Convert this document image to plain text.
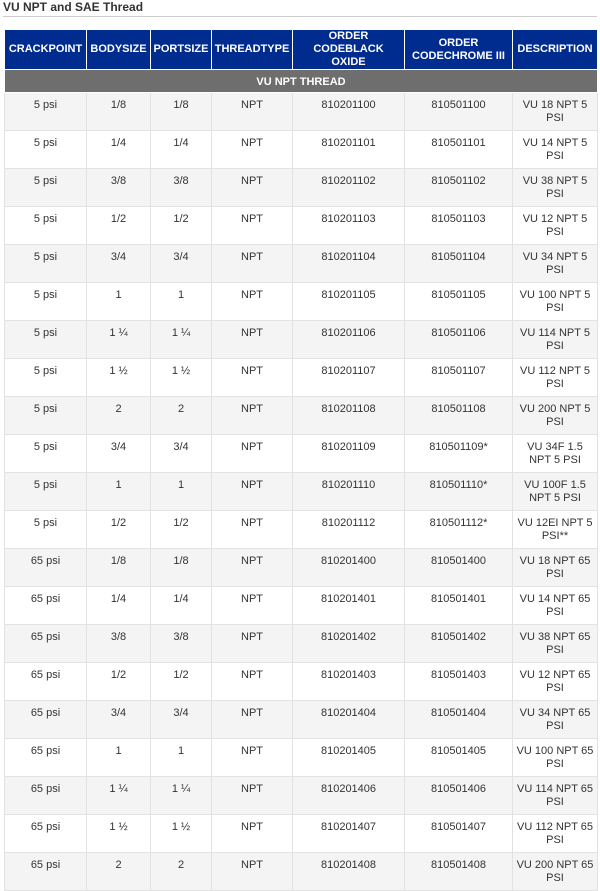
VU NPT and SAE Thread
CRACKPOINT	BODYSIZE	PORTSIZE	THREADTYPE	ORDER CODEBLACK OXIDE	ORDER CODECHROME III	DESCRIPTION
VU NPT THREAD						
5 psi	1/8	1/8	NPT	810201100	810501100	VU 18 NPT 5 PSI
5 psi	1/4	1/4	NPT	810201101	810501101	VU 14 NPT 5 PSI
5 psi	3/8	3/8	NPT	810201102	810501102	VU 38 NPT 5 PSI
5 psi	1/2	1/2	NPT	810201103	810501103	VU 12 NPT 5 PSI
5 psi	3/4	3/4	NPT	810201104	810501104	VU 34 NPT 5 PSI
5 psi	1	1	NPT	810201105	810501105	VU 100 NPT 5 PSI
5 psi	1 ¼	1 ¼	NPT	810201106	810501106	VU 114 NPT 5 PSI
5 psi	1 ½	1 ½	NPT	810201107	810501107	VU 112 NPT 5 PSI
5 psi	2	2	NPT	810201108	810501108	VU 200 NPT 5 PSI
5 psi	3/4	3/4	NPT	810201109	810501109*	VU 34F 1.5 NPT 5 PSI
5 psi	1	1	NPT	810201110	810501110*	VU 100F 1.5 NPT 5 PSI
5 psi	1/2	1/2	NPT	810201112	810501112*	VU 12EI NPT 5 PSI**
65 psi	1/8	1/8	NPT	810201400	810501400	VU 18 NPT 65 PSI
65 psi	1/4	1/4	NPT	810201401	810501401	VU 14 NPT 65 PSI
65 psi	3/8	3/8	NPT	810201402	810501402	VU 38 NPT 65 PSI
65 psi	1/2	1/2	NPT	810201403	810501403	VU 12 NPT 65 PSI
65 psi	3/4	3/4	NPT	810201404	810501404	VU 34 NPT 65 PSI
65 psi	1	1	NPT	810201405	810501405	VU 100 NPT 65 PSI
65 psi	1 ¼	1 ¼	NPT	810201406	810501406	VU 114 NPT 65 PSI
65 psi	1 ½	1 ½	NPT	810201407	810501407	VU 112 NPT 65 PSI
65 psi	2	2	NPT	810201408	810501408	VU 200 NPT 65 PSI
